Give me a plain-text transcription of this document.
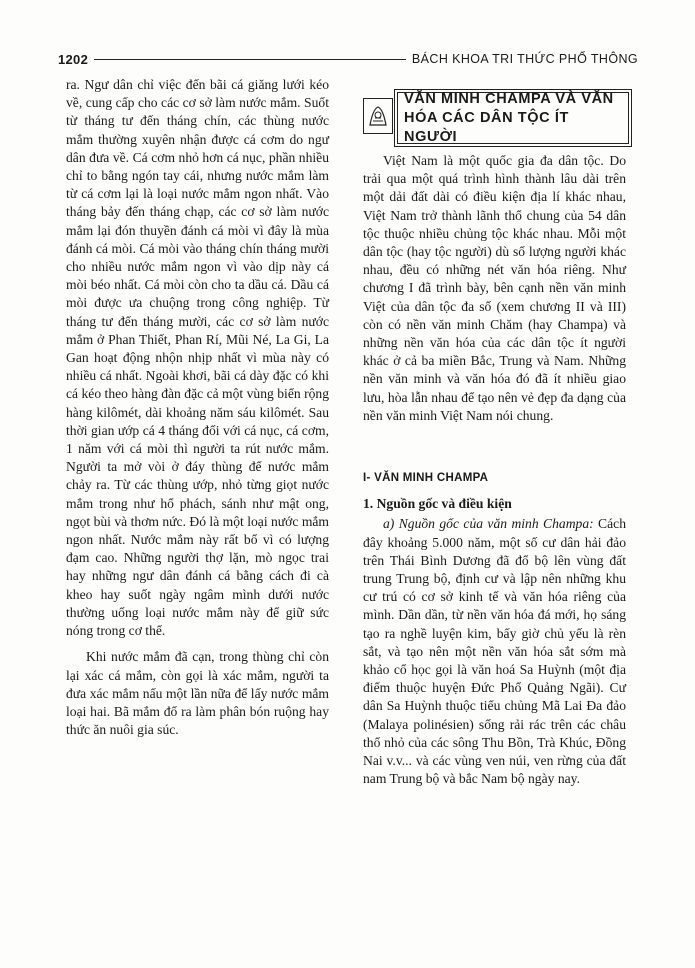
1202	BÁCH KHOA TRI THỨC PHỔ THÔNG

ra. Ngư dân chỉ việc đến bãi cá giăng lưới kéo về, cung cấp cho các cơ sở làm nước mắm. Suốt từ tháng tư đến tháng chín, các thùng nước mắm thường xuyên nhận được cá cơm do ngư dân đưa về. Cá cơm nhỏ hơn cá nục, phần nhiều chỉ to bằng ngón tay cái, nhưng nước mắm làm từ cá cơm lại là loại nước mắm ngon nhất. Vào tháng bảy đến tháng chạp, các cơ sở làm nước mắm lại đón thuyền đánh cá mòi vì đây là mùa đánh cá mòi. Cá mòi vào tháng chín tháng mười cho nhiều nước mắm ngon vì vào dịp này cá mòi béo nhất. Cá mòi còn cho ta dầu cá. Dầu cá mòi được ưa chuộng trong công nghiệp. Từ tháng tư đến tháng mười, các cơ sở làm nước mắm ở Phan Thiết, Phan Rí, Mũi Né, La Gi, La Gan hoạt động nhộn nhịp nhất vì mùa này có nhiều cá nhất. Ngoài khơi, bãi cá dày đặc có khi cá kéo theo hàng đàn đặc cả một vùng biển rộng hàng kilômét, dài khoảng năm sáu kilômét. Sau thời gian ướp cá 4 tháng đối với cá nục, cá cơm, 1 năm với cá mòi thì người ta rút nước mắm. Người ta mở vòi ở đáy thùng để nước mắm chảy ra. Từ các thùng ướp, nhỏ từng giọt nước mắm trong như hổ phách, sánh như mật ong, ngọt bùi và thơm nức. Đó là một loại nước mắm ngon nhất. Nước mắm này rất bổ vì có lượng đạm cao. Những người thợ lặn, mò ngọc trai hay những ngư dân đánh cá bằng cách đi cà kheo hay suốt ngày ngâm mình dưới nước thường uống loại nước mắm này để giữ sức nóng trong cơ thể.

Khi nước mắm đã cạn, trong thùng chỉ còn lại xác cá mắm, còn gọi là xác mắm, người ta đưa xác mắm nấu một lần nữa để lấy nước mắm loại hai. Bã mắm đổ ra làm phân bón ruộng hay thức ăn nuôi gia súc.

VĂN MINH CHAMPA VÀ VĂN
HÓA CÁC DÂN TỘC ÍT NGƯỜI

Việt Nam là một quốc gia đa dân tộc. Do trải qua một quá trình hình thành lâu dài trên một dải đất dài có điều kiện địa lí khác nhau, Việt Nam trở thành lãnh thổ chung của 54 dân tộc thuộc nhiều chủng tộc khác nhau. Mỗi một dân tộc (hay tộc người) dù số lượng người khác nhau, đều có những nét văn hóa riêng. Như chương I đã trình bày, bên cạnh nền văn minh Việt của dân tộc đa số (xem chương II và III) còn có nền văn minh Chăm (hay Champa) và những nền văn hóa của các dân tộc ít người khác ở cả ba miền Bắc, Trung và Nam. Những nền văn minh và văn hóa đó đã ít nhiều giao lưu, hòa lẫn nhau để tạo nên vẻ đẹp đa dạng của nền văn minh Việt Nam nói chung.

I- VĂN MINH CHAMPA
1. Nguồn gốc và điều kiện

a) Nguồn gốc của văn minh Champa: Cách đây khoảng 5.000 năm, một số cư dân hải đảo trên Thái Bình Dương đã đổ bộ lên vùng đất trung Trung bộ, định cư và lập nên những khu cư trú có cơ sở kinh tế và văn hóa riêng của mình. Dần dần, từ nền văn hóa đá mới, họ sáng tạo ra nghề luyện kim, bấy giờ chủ yếu là rèn sắt, và tạo nên một nền văn hóa sắt sớm mà khảo cổ học gọi là văn hoá Sa Huỳnh (một địa điểm thuộc huyện Đức Phổ Quảng Ngãi). Cư dân Sa Huỳnh thuộc tiểu chủng Mã Lai Đa đảo (Malaya polinésien) sống rải rác trên các châu thổ nhỏ của các sông Thu Bồn, Trà Khúc, Đồng Nai v.v... và các vùng ven núi, ven rừng của đất nam Trung bộ và bắc Nam bộ ngày nay.
